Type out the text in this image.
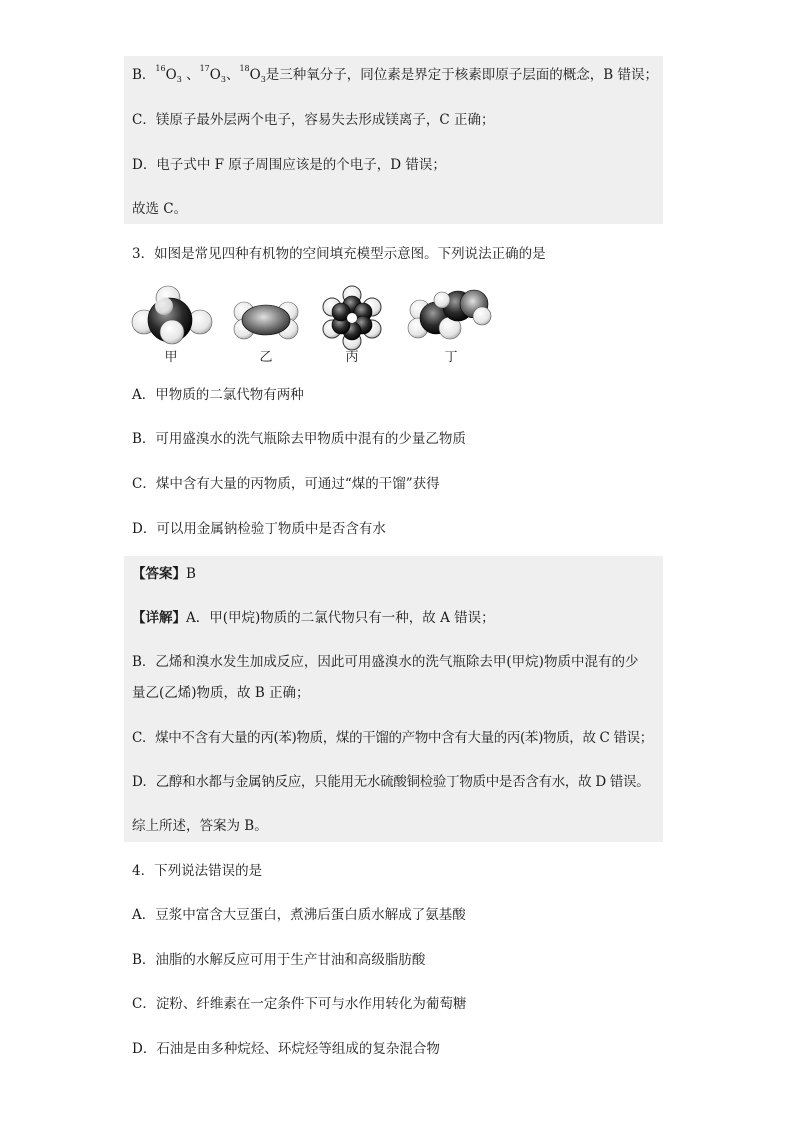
B．$^{16}$O3 、$^{17}$O3、$^{18}$O3是三种氧分子，同位素是界定于核素即原子层面的概念，B 错误；
C．镁原子最外层两个电子，容易失去形成镁离子，C 正确；
D．电子式中 F 原子周围应该是的个电子，D 错误；
故选 C。
3．如图是常见四种有机物的空间填充模型示意图。下列说法正确的是
甲	乙	丙	丁
A．甲物质的二氯代物有两种
B．可用盛溴水的洗气瓶除去甲物质中混有的少量乙物质
C．煤中含有大量的丙物质，可通过“煤的干馏”获得
D．可以用金属钠检验丁物质中是否含有水
【答案】B
【详解】A．甲(甲烷)物质的二氯代物只有一种，故 A 错误；
B．乙烯和溴水发生加成反应，因此可用盛溴水的洗气瓶除去甲(甲烷)物质中混有的少
量乙(乙烯)物质，故 B 正确；
C．煤中不含有大量的丙(苯)物质，煤的干馏的产物中含有大量的丙(苯)物质，故 C 错误；
D．乙醇和水都与金属钠反应，只能用无水硫酸铜检验丁物质中是否含有水，故 D 错误。
综上所述，答案为 B。
4．下列说法错误的是
A．豆浆中富含大豆蛋白，煮沸后蛋白质水解成了氨基酸
B．油脂的水解反应可用于生产甘油和高级脂肪酸
C．淀粉、纤维素在一定条件下可与水作用转化为葡萄糖
D．石油是由多种烷烃、环烷烃等组成的复杂混合物
